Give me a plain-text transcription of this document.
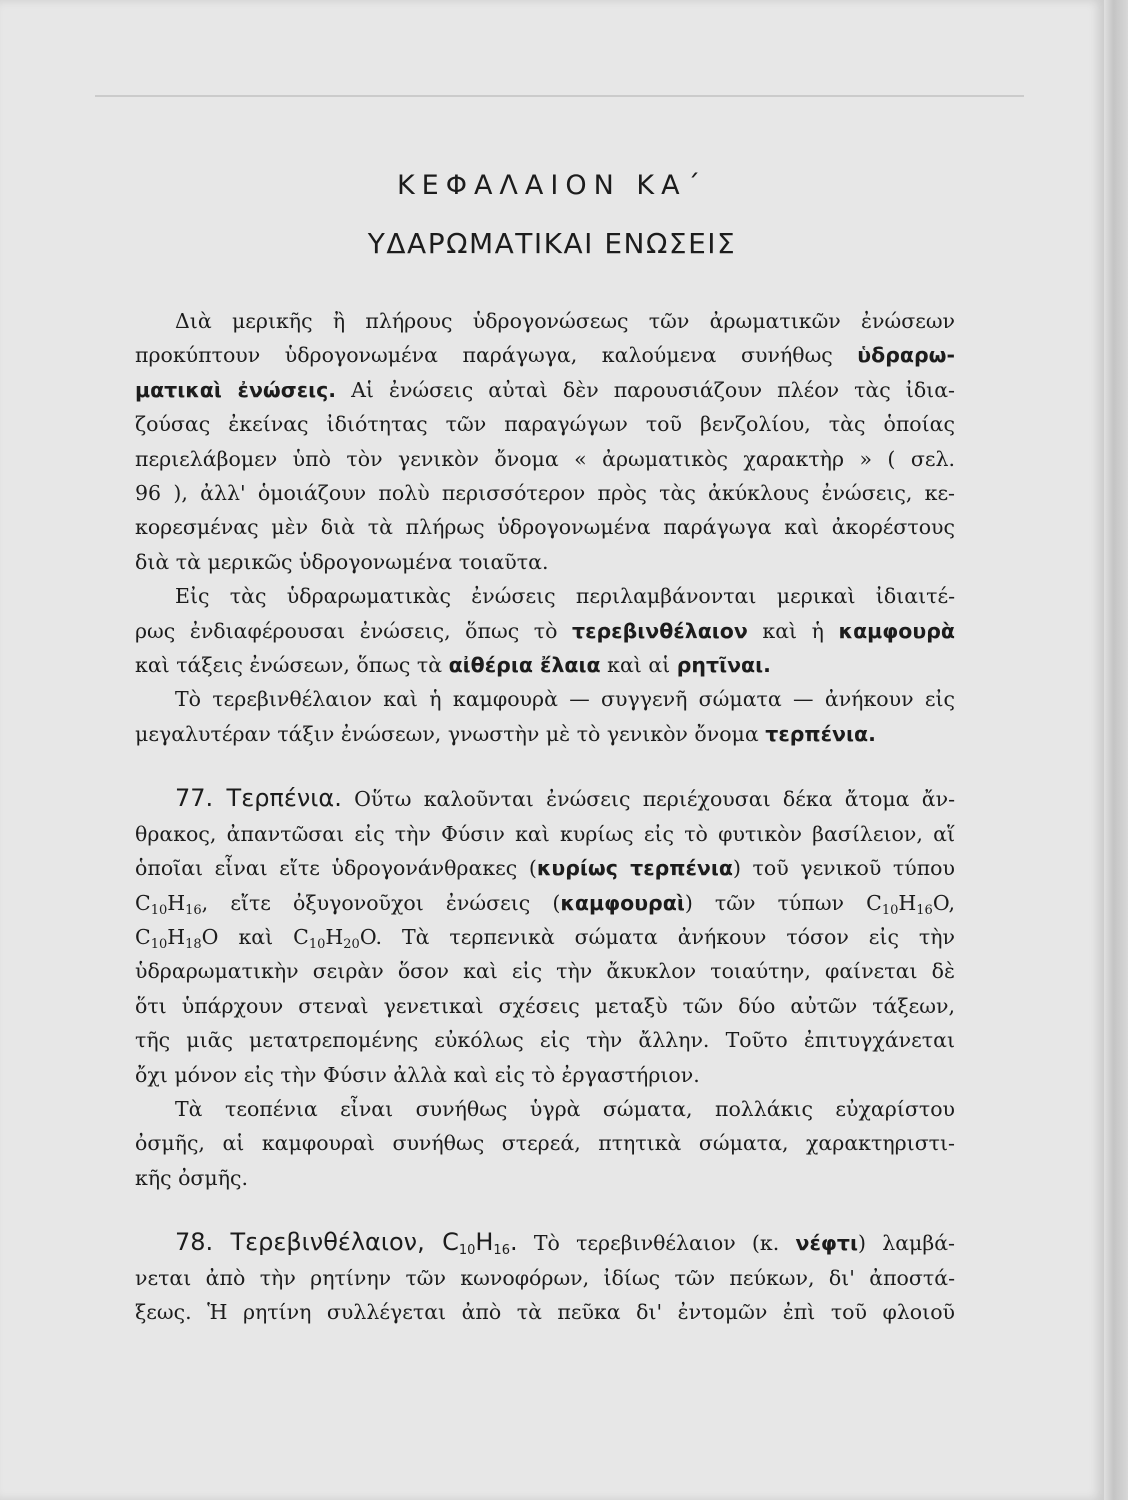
ΚΕΦΑΛΑΙΟΝ ΚΑ΄
ΥΔΑΡΩΜΑΤΙΚΑΙ ΕΝΩΣΕΙΣ
Διὰ μερικῆς ἢ πλήρους ὑδρογονώσεως τῶν ἀρωματικῶν ἐνώσεων
προκύπτουν ὑδρογονωμένα παράγωγα, καλούμενα συνήθως ὑδραρω-
ματικαὶ ἐνώσεις. Αἱ ἐνώσεις αὐταὶ δὲν παρουσιάζουν πλέον τὰς ἰδια-
ζούσας ἐκείνας ἰδιότητας τῶν παραγώγων τοῦ βενζολίου, τὰς ὁποίας
περιελάβομεν ὑπὸ τὸν γενικὸν ὄνομα « ἀρωματικὸς χαρακτὴρ » ( σελ.
96 ), ἀλλ' ὁμοιάζουν πολὺ περισσότερον πρὸς τὰς ἀκύκλους ἐνώσεις, κε-
κορεσμένας μὲν διὰ τὰ πλήρως ὑδρογονωμένα παράγωγα καὶ ἀκορέστους
διὰ τὰ μερικῶς ὑδρογονωμένα τοιαῦτα.
Εἰς τὰς ὑδραρωματικὰς ἐνώσεις περιλαμβάνονται μερικαὶ ἰδιαιτέ-
ρως ἐνδιαφέρουσαι ἐνώσεις, ὅπως τὸ τερεβινθέλαιον καὶ ἡ καμφουρὰ
καὶ τάξεις ἐνώσεων, ὅπως τὰ αἰθέρια ἔλαια καὶ αἱ ρητῖναι.
Τὸ τερεβινθέλαιον καὶ ἡ καμφουρὰ — συγγενῆ σώματα — ἀνήκουν εἰς
μεγαλυτέραν τάξιν ἐνώσεων, γνωστὴν μὲ τὸ γενικὸν ὄνομα τερπένια.
77. Τερπένια. Οὕτω καλοῦνται ἐνώσεις περιέχουσαι δέκα ἄτομα ἄν-
θρακος, ἀπαντῶσαι εἰς τὴν Φύσιν καὶ κυρίως εἰς τὸ φυτικὸν βασίλειον, αἵ
ὁποῖαι εἶναι εἴτε ὑδρογονάνθρακες (κυρίως τερπένια) τοῦ γενικοῦ τύπου
$C_{10}H_{16}$, εἴτε ὀξυγονοῦχοι ἐνώσεις (καμφουραὶ) τῶν τύπων $C_{10}H_{16}O$,
$C_{10}H_{18}O$ καὶ $C_{10}H_{20}O$. Τὰ τερπενικὰ σώματα ἀνήκουν τόσον εἰς τὴν
ὑδραρωματικὴν σειρὰν ὅσον καὶ εἰς τὴν ἄκυκλον τοιαύτην, φαίνεται δὲ
ὅτι ὑπάρχουν στεναὶ γενετικαὶ σχέσεις μεταξὺ τῶν δύο αὐτῶν τάξεων,
τῆς μιᾶς μετατρεπομένης εὐκόλως εἰς τὴν ἄλλην. Τοῦτο ἐπιτυγχάνεται
ὄχι μόνον εἰς τὴν Φύσιν ἀλλὰ καὶ εἰς τὸ ἐργαστήριον.
Τὰ τεοπένια εἶναι συνήθως ὑγρὰ σώματα, πολλάκις εὐχαρίστου
ὀσμῆς, αἱ καμφουραὶ συνήθως στερεά, πτητικὰ σώματα, χαρακτηριστι-
κῆς ὀσμῆς.
78. Τερεβινθέλαιον, $C_{10}H_{16}$. Τὸ τερεβινθέλαιον (κ. νέφτι) λαμβά-
νεται ἀπὸ τὴν ρητίνην τῶν κωνοφόρων, ἰδίως τῶν πεύκων, δι' ἀποστά-
ξεως. Ἡ ρητίνη συλλέγεται ἀπὸ τὰ πεῦκα δι' ἐντομῶν ἐπὶ τοῦ φλοιοῦ
